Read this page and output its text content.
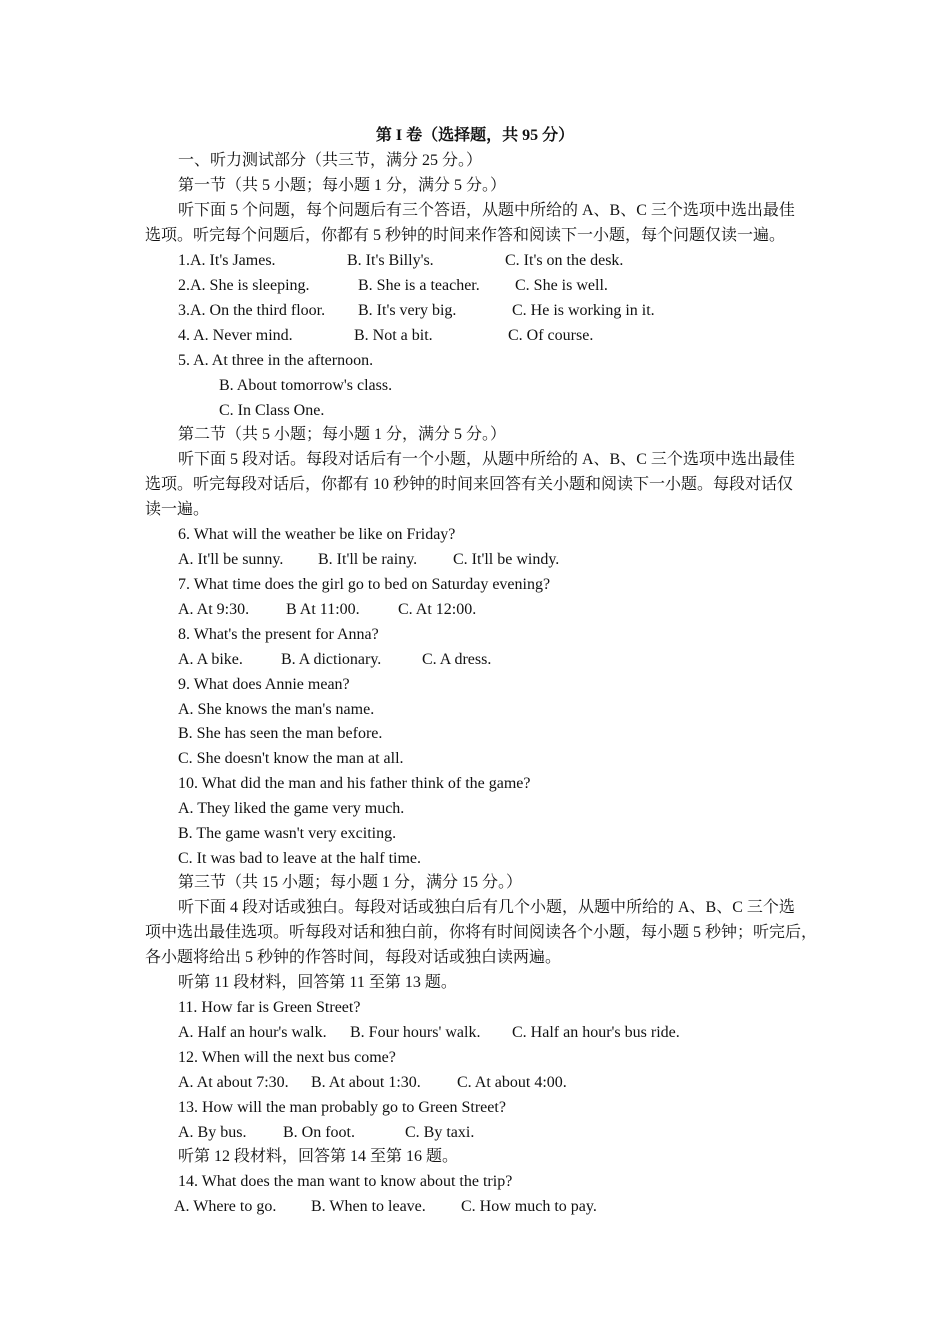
第 I 卷（选择题，共 95 分）
一、听力测试部分（共三节，满分 25 分。）
第一节（共 5 小题；每小题 1 分，满分 5 分。）
听下面 5 个问题，每个问题后有三个答语，从题中所给的 A、B、C 三个选项中选出最佳
选项。听完每个问题后，你都有 5 秒钟的时间来作答和阅读下一小题，每个问题仅读一遍。

1.A. It's James.

	B. It's Billy's.

	C. It's on the desk.

2.A. She is sleeping.

	B. She is a teacher.

C. She is well.

3.A. On the third floor.

B. It's very big.

	C. He is working in it.

4. A. Never mind.

	B. Not a bit.

	C. Of course.

5. A. At three in the afternoon.
B. About tomorrow's class.
C. In Class One.
第二节（共 5 小题；每小题 1 分，满分 5 分。）
听下面 5 段对话。每段对话后有一个小题，从题中所给的 A、B、C 三个选项中选出最佳
选项。听完每段对话后，你都有 10 秒钟的时间来回答有关小题和阅读下一小题。每段对话仅
读一遍。
6. What will the weather be like on Friday?

A. It'll be sunny.

B. It'll be rainy.

C. It'll be windy.

7. What time does the girl go to bed on Saturday evening?

A. At 9:30.

B At 11:00.

C. At 12:00.

8. What's the present for Anna?

A. A bike.

B. A dictionary.

	C. A dress.

9. What does Annie mean?
A. She knows the man's name.
B. She has seen the man before.
C. She doesn't know the man at all.
10. What did the man and his father think of the game?
A. They liked the game very much.
B. The game wasn't very exciting.
C. It was bad to leave at the half time.
第三节（共 15 小题；每小题 1 分，满分 15 分。）
听下面 4 段对话或独白。每段对话或独白后有几个小题，从题中所给的 A、B、C 三个选
项中选出最佳选项。听每段对话和独白前，你将有时间阅读各个小题，每小题 5 秒钟；听完后，
各小题将给出 5 秒钟的作答时间，每段对话或独白读两遍。
听第 11 段材料，回答第 11 至第 13 题。
11. How far is Green Street?

A. Half an hour's walk.

B. Four hours' walk.

C. Half an hour's bus ride.

12. When will the next bus come?

A. At about 7:30.

B. At about 1:30.

C. At about 4:00.

13. How will the man probably go to Green Street?

A. By bus.

B. On foot.

	C. By taxi.

听第 12 段材料，回答第 14 至第 16 题。
14. What does the man want to know about the trip?

A. Where to go.

B. When to leave.

C. How much to pay.
